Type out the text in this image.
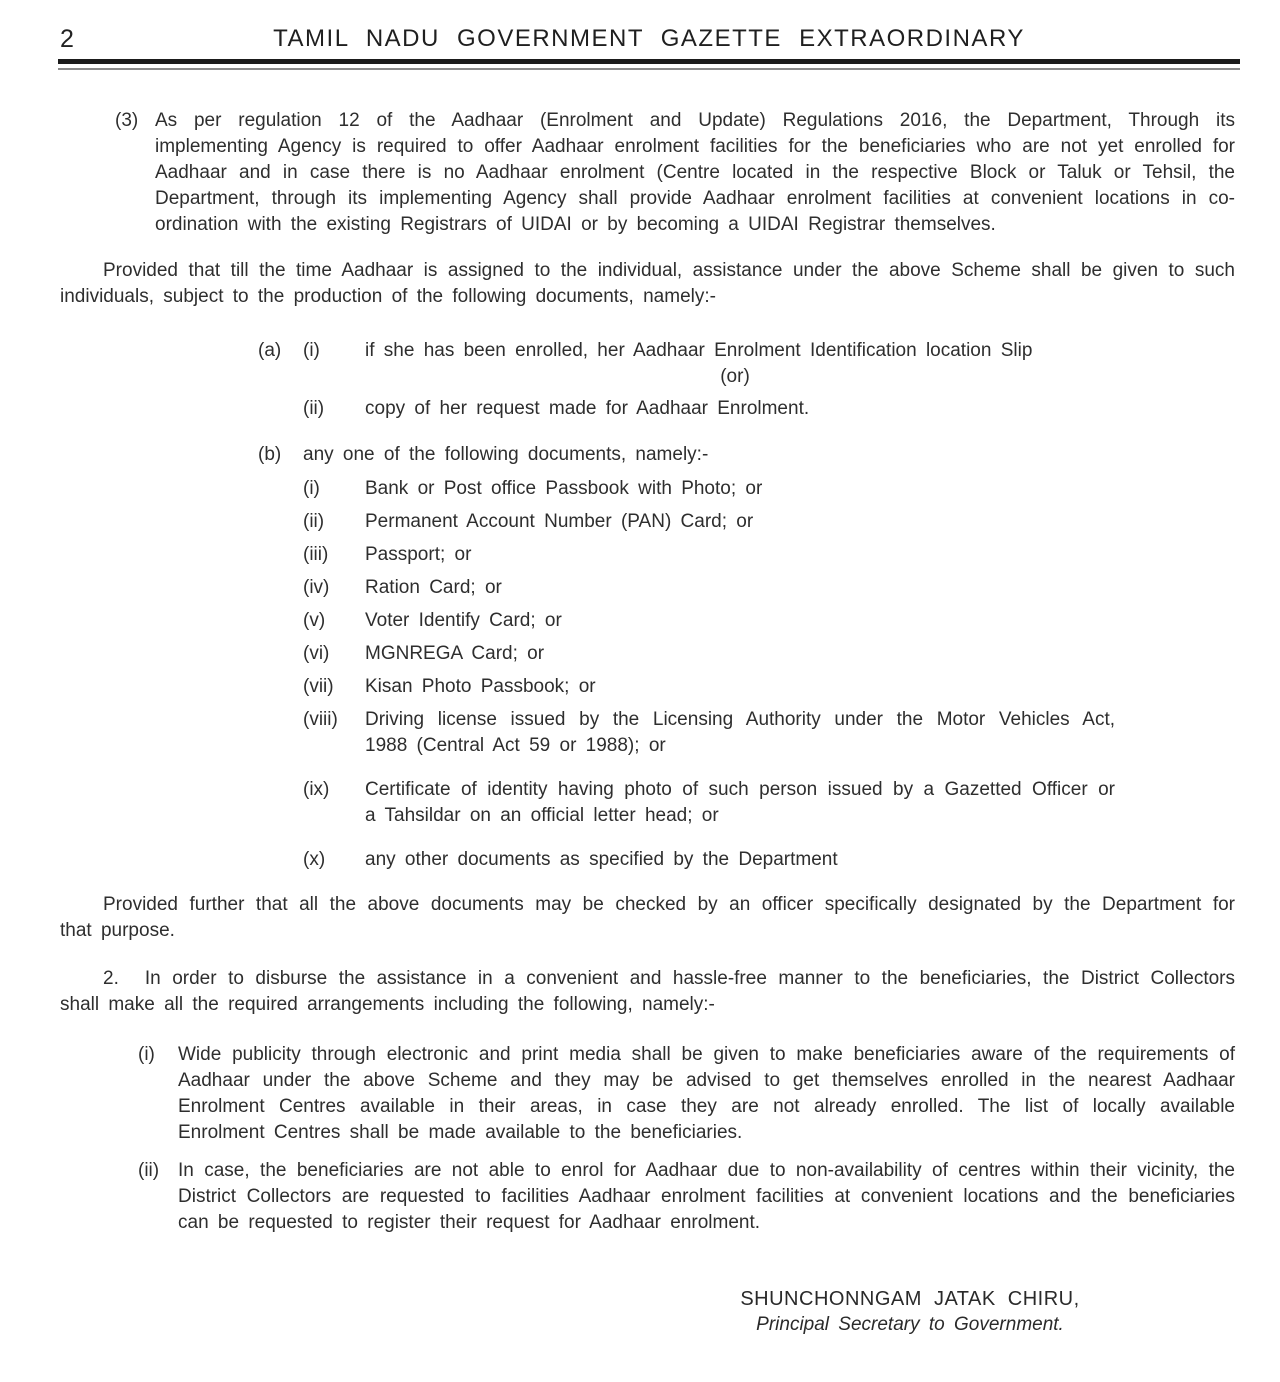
2	TAMIL NADU GOVERNMENT GAZETTE EXTRAORDINARY
(3) As per regulation 12 of the Aadhaar (Enrolment and Update) Regulations 2016, the Department, Through its implementing Agency is required to offer Aadhaar enrolment facilities for the beneficiaries who are not yet enrolled for Aadhaar and in case there is no Aadhaar enrolment (Centre located in the respective Block or Taluk or Tehsil, the Department, through its implementing Agency shall provide Aadhaar enrolment facilities at convenient locations in co-ordination with the existing Registrars of UIDAI or by becoming a UIDAI Registrar themselves.

Provided that till the time Aadhaar is assigned to the individual, assistance under the above Scheme shall be given to such individuals, subject to the production of the following documents, namely:-

(a)	(i)	if she has been enrolled, her Aadhaar Enrolment Identification location Slip
(or)
(ii)	copy of her request made for Aadhaar Enrolment.
(b)	any one of the following documents, namely:-
(i)	Bank or Post office Passbook with Photo; or
(ii)	Permanent Account Number (PAN) Card; or
(iii)	Passport; or
(iv)	Ration Card; or
(v)	Voter Identify Card; or
(vi)	MGNREGA Card; or
(vii)	Kisan Photo Passbook; or
(viii)	Driving license issued by the Licensing Authority under the Motor Vehicles Act, 1988 (Central Act 59 or 1988); or
(ix)	Certificate of identity having photo of such person issued by a Gazetted Officer or a Tahsildar on an official letter head; or
(x)	any other documents as specified by the Department

Provided further that all the above documents may be checked by an officer specifically designated by the Department for that purpose.

2. In order to disburse the assistance in a convenient and hassle-free manner to the beneficiaries, the District Collectors shall make all the required arrangements including the following, namely:-

(i)	Wide publicity through electronic and print media shall be given to make beneficiaries aware of the requirements of Aadhaar under the above Scheme and they may be advised to get themselves enrolled in the nearest Aadhaar Enrolment Centres available in their areas, in case they are not already enrolled. The list of locally available Enrolment Centres shall be made available to the beneficiaries.
(ii) In case, the beneficiaries are not able to enrol for Aadhaar due to non-availability of centres within their vicinity, the District Collectors are requested to facilities Aadhaar enrolment facilities at convenient locations and the beneficiaries can be requested to register their request for Aadhaar enrolment.
SHUNCHONNGAM JATAK CHIRU,
Principal Secretary to Government.
